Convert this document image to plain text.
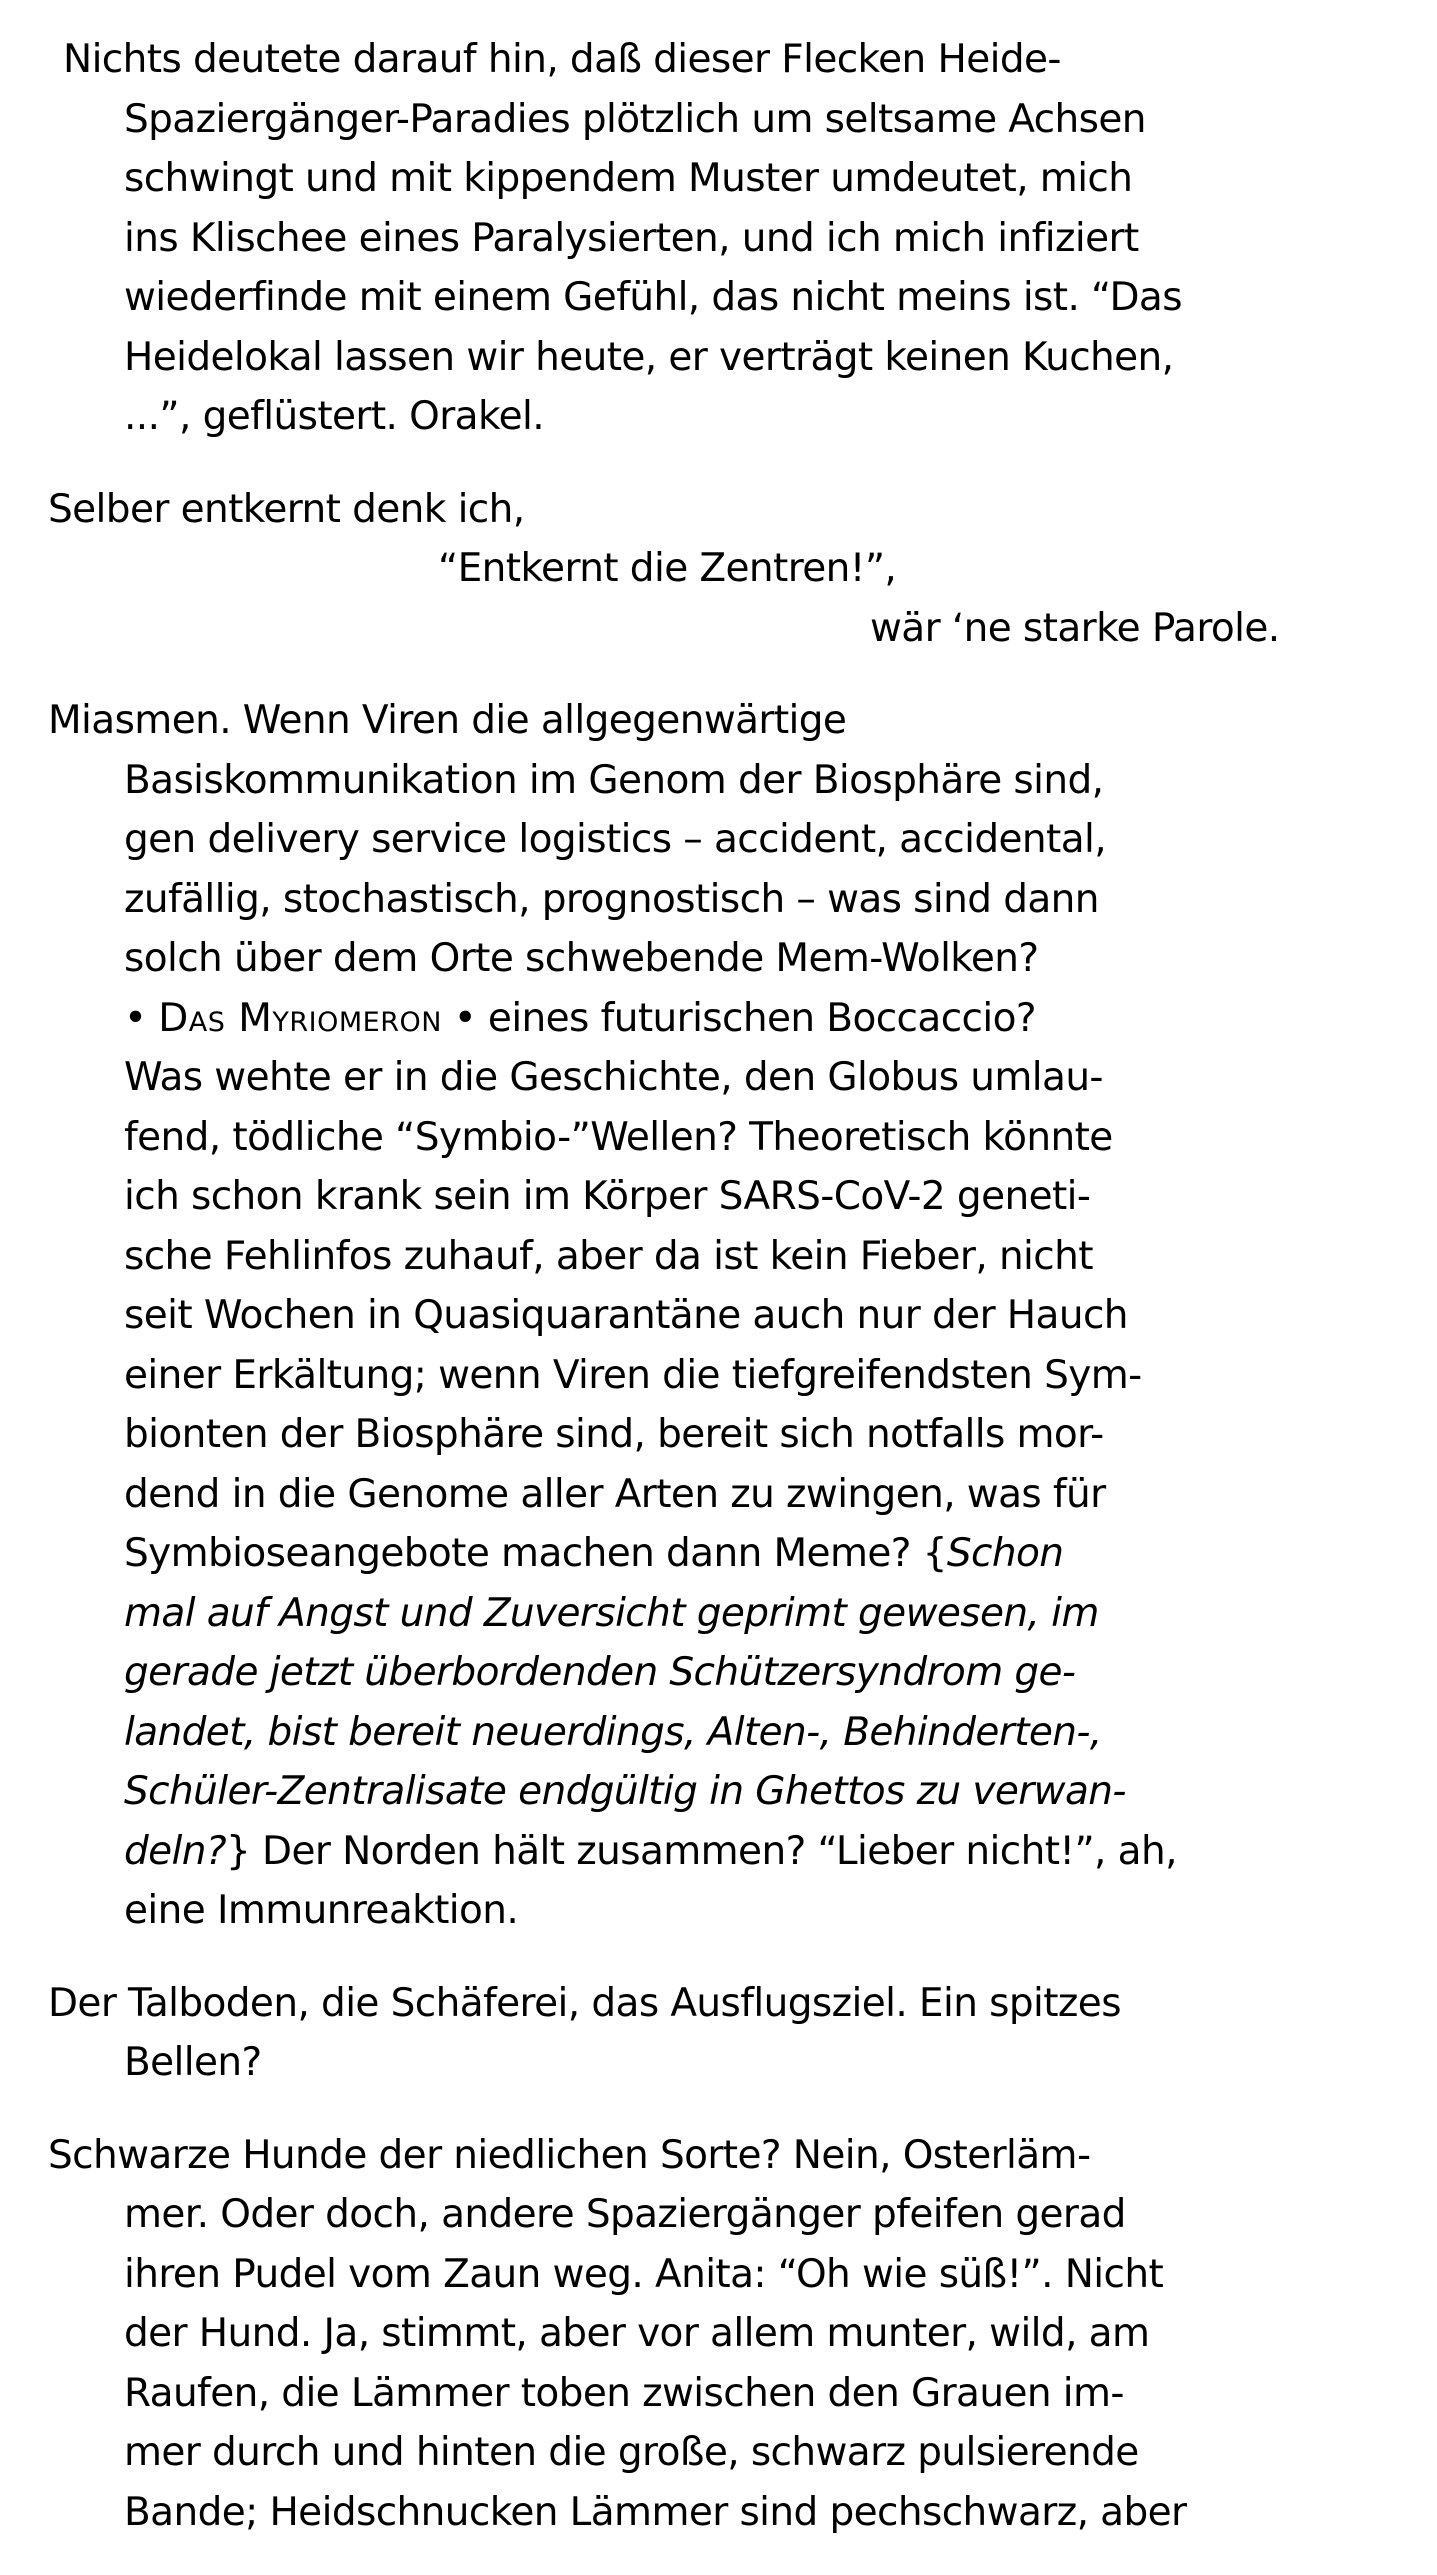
Nichts deutete darauf hin, daß dieser Flecken Heide-
Spaziergänger-Paradies plötzlich um seltsame Achsen
schwingt und mit kippendem Muster umdeutet, mich
ins Klischee eines Paralysierten, und ich mich infiziert
wiederfinde mit einem Gefühl, das nicht meins ist. “Das
Heidelokal lassen wir heute, er verträgt keinen Kuchen,
...”, geflüstert. Orakel.
Selber entkernt denk ich,
“Entkernt die Zentren!”,
wär ‘ne starke Parole.
Miasmen. Wenn Viren die allgegenwärtige
Basiskommunikation im Genom der Biosphäre sind,
gen delivery service logistics – accident, accidental,
zufällig, stochastisch, prognostisch – was sind dann
solch über dem Orte schwebende Mem-Wolken?
• Das Myriomeron • eines futurischen Boccaccio?
Was wehte er in die Geschichte, den Globus umlau-
fend, tödliche “Symbio-”Wellen? Theoretisch könnte
ich schon krank sein im Körper SARS-CoV-2 geneti-
sche Fehlinfos zuhauf, aber da ist kein Fieber, nicht
seit Wochen in Quasiquarantäne auch nur der Hauch
einer Erkältung; wenn Viren die tiefgreifendsten Sym-
bionten der Biosphäre sind, bereit sich notfalls mor-
dend in die Genome aller Arten zu zwingen, was für
Symbioseangebote machen dann Meme? {Schon
mal auf Angst und Zuversicht geprimt gewesen, im
gerade jetzt überbordenden Schützersyndrom ge-
landet, bist bereit neuerdings, Alten-, Behinderten-,
Schüler-Zentralisate endgültig in Ghettos zu verwan-
deln?} Der Norden hält zusammen? “Lieber nicht!”, ah,
eine Immunreaktion.
Der Talboden, die Schäferei, das Ausflugsziel. Ein spitzes
Bellen?
Schwarze Hunde der niedlichen Sorte? Nein, Osterläm-
mer. Oder doch, andere Spaziergänger pfeifen gerad
ihren Pudel vom Zaun weg. Anita: “Oh wie süß!”. Nicht
der Hund. Ja, stimmt, aber vor allem munter, wild, am
Raufen, die Lämmer toben zwischen den Grauen im-
mer durch und hinten die große, schwarz pulsierende
Bande; Heidschnucken Lämmer sind pechschwarz, aber
